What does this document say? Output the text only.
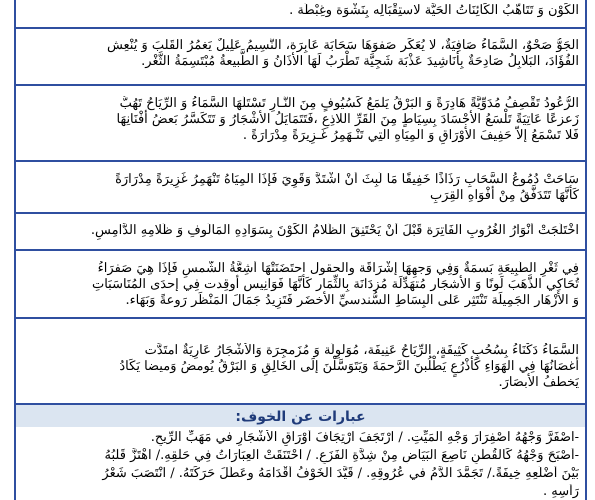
الكَوْن وَ تَتَأهَّبُ الكَائِنَاتُ الحَيَّة لاستِقْبَالِه بِنَشْوَة وغِبْطَة .
الجَوُّ صَحْوٌ، السَّمَاءُ صَافِيَةٌ، لا يُعَكِّر صَفوَهَا سَحَابَة عَابِرَة، النَّسِيمُ عَلِيلٌ يَغمُرُ القَلبَ وَ يُنْعِش
الفُؤَادَ، البَلابِلُ صَادِحَةٌ بِأنَاشِيدَ عَذْبَة شَجِيَّة تَطْرَبُ لَهَا الأذَانُ وَ الطَّبيعةُ مُبْتَسِمَةُ الثَّغْر.
الرُّعُودُ تَقْصِفُ مُدَوِّيَّةً هَادِرَةً وَ البَرْقُ يَلْمَعُ كَسُيُوفٍ مِنَ النَّـارِ تَسْتَلُّهَا السَّمَاءُ وَ الرِّيَاحُ تَهُبُّ
زَعزعًا عَاتِيَةً تَلْسَعُ الأجْسَادَ بِسِيَاطٍ مِنَ القَرِّ اللاذِعِ ،فَتَتَمَايَلُ الأشْجَارُ وَ تَتَكَسَّرُ بَعضُ أفْنَانِهَا
فَلا تَسْمَعُ إلاّ حَفِيفَ الأوْرَاقِ وَ المِيَاهِ التِي تَنْـهَمِرُ غَـزِيرَةً مِدْرَارَةً .
سَاحَتْ دُمُوعُ السَّحَابِ رَذَاذًا خَفِيفًا مَا لَبِثَ أنْ اشْتَدَّ وَقَوِيَ فَإذَا المِيَاهُ تَنْهَمِرُ غَزِيرَةً مِدْرَارَةً
كَأنَّهَا تَتَدَفَّقُ مِنْ أفْوَاهِ القِرَبِ
اخْتَلَجَتْ أنْوَارُ الغُرُوبِ الفَاتِرَة قَبْلَ أنْ يَحْتَنِقَ الظَّلامُ الكَوْنَ بِسَوَادِهِ المَألُوفِ وَ ظَلامِهِ الدَّامِسِ.
فِي ثَغْرِ الطَّبِيعَةِ بَسمَةٌ وَفِي وَجهِهَا إشْرَاقَة والحقول احتَضَنَتْهَا أشِعَّةُ الشَّمسِ فَإذَا هِيَ صَفرَاءُ
تُحَاكِي الذَّهَبَ لَونًا وَ الأشجَار مُتهَدِّلَة مُزدَانَة بِالثِّمَار كَأنَّهَا فَوَانِيس أوقِدت فِي إحدَى المُنَاسَبَاتِ
وَ الأزْهَار الجَمِيلَة تَنْتَثِر عَلى البِسَاطِ السُّندسيِّ الأخضَر فَتَزِيدُ جَمَالَ المَنْظَر رَوعةً وَبَهَاء.
السَّمَاءُ دَكْنَاءُ بِسُحُبٍ كَثِيفَةٍ، الرِّيَاحُ عَنِيفَة، مُوَلوِلَة وَ مُزَمجِرَة وَالأشْجَارُ عَارِيَةٌ امتَدَّت
أغصَانُهَا فِي الهَوَاءِ كَأذْرُعٍ يَطْلُبنَ الرَّحمَةَ وَيَتَوَسَّلْنَ إلَى الخَالِقِ وَ البَرْقُ يُومضُ وَميضا يَكَادُ
يَخطفُ الأبصَارَ.
عبارات عن الخوف:
-اصْفَرَّ وَجْهُهُ اصْفِرَارَ وَجْهِ المَيِّتِ. / ارْتَجَفَ ارْتِجَافَ أوْرَاقِ الأشْجَارِ في مَهَبِّ الرِّيحِ.
-أصْبَحَ وَجْهُهُ كَالقُطْنِ نَاصِعَ البَيَاضِ مِنْ شِدَّةِ الفَزَعِ. / احْتَنَقَتْ العِبَارَاتُ فِي حَلْقِهِ./ اهْتَزَّ قَلْبُهُ
بَيْنَ أضْلُعِهِ خِيفَةً./ تَجَمَّدَ الدَّمُ في عُرُوقِهِ. / قَيَّدَ الخَوْفُ أقْدَامَهُ وعَطَّلَ حَرَكَتَهُ. / انْتَصَبَ شَعْرُ
رَأسِهِ .
